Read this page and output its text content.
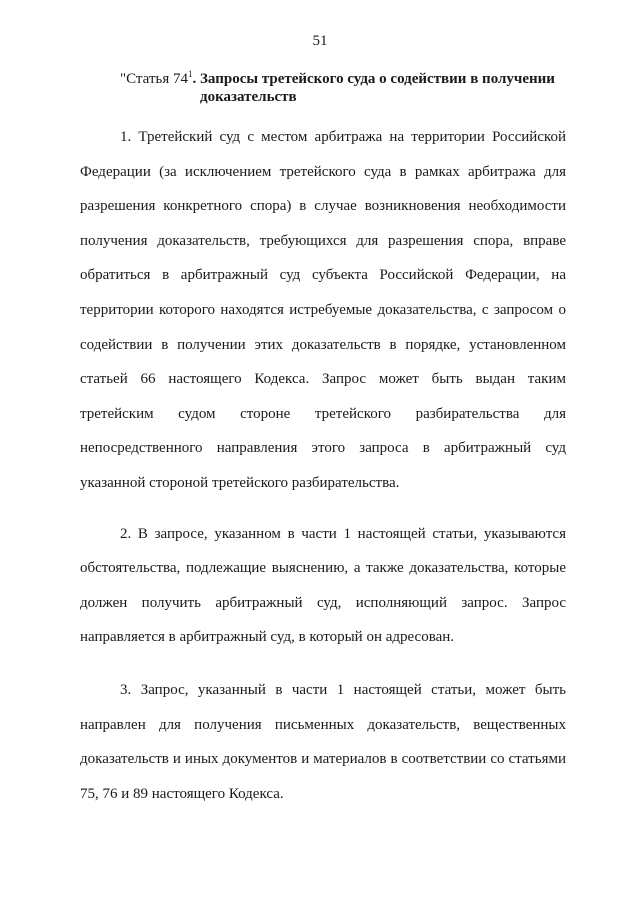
51
"Статья $74^1$. Запросы третейского суда о содействии в получении
доказательств

1. Третейский суд с местом арбитража на территории Российской Федерации (за исключением третейского суда в рамках арбитража для разрешения конкретного спора) в случае возникновения необходимости получения доказательств, требующихся для разрешения спора, вправе обратиться в арбитражный суд субъекта Российской Федерации, на территории которого находятся истребуемые доказательства, с запросом о содействии в получении этих доказательств в порядке, установленном статьей 66 настоящего Кодекса. Запрос может быть выдан таким третейским судом стороне третейского разбирательства для непосредственного направления этого запроса в арбитражный суд указанной стороной третейского разбирательства.

2. В запросе, указанном в части 1 настоящей статьи, указываются обстоятельства, подлежащие выяснению, а также доказательства, которые должен получить арбитражный суд, исполняющий запрос. Запрос направляется в арбитражный суд, в который он адресован.

3. Запрос, указанный в части 1 настоящей статьи, может быть направлен для получения письменных доказательств, вещественных доказательств и иных документов и материалов в соответствии со статьями 75, 76 и 89 настоящего Кодекса.
